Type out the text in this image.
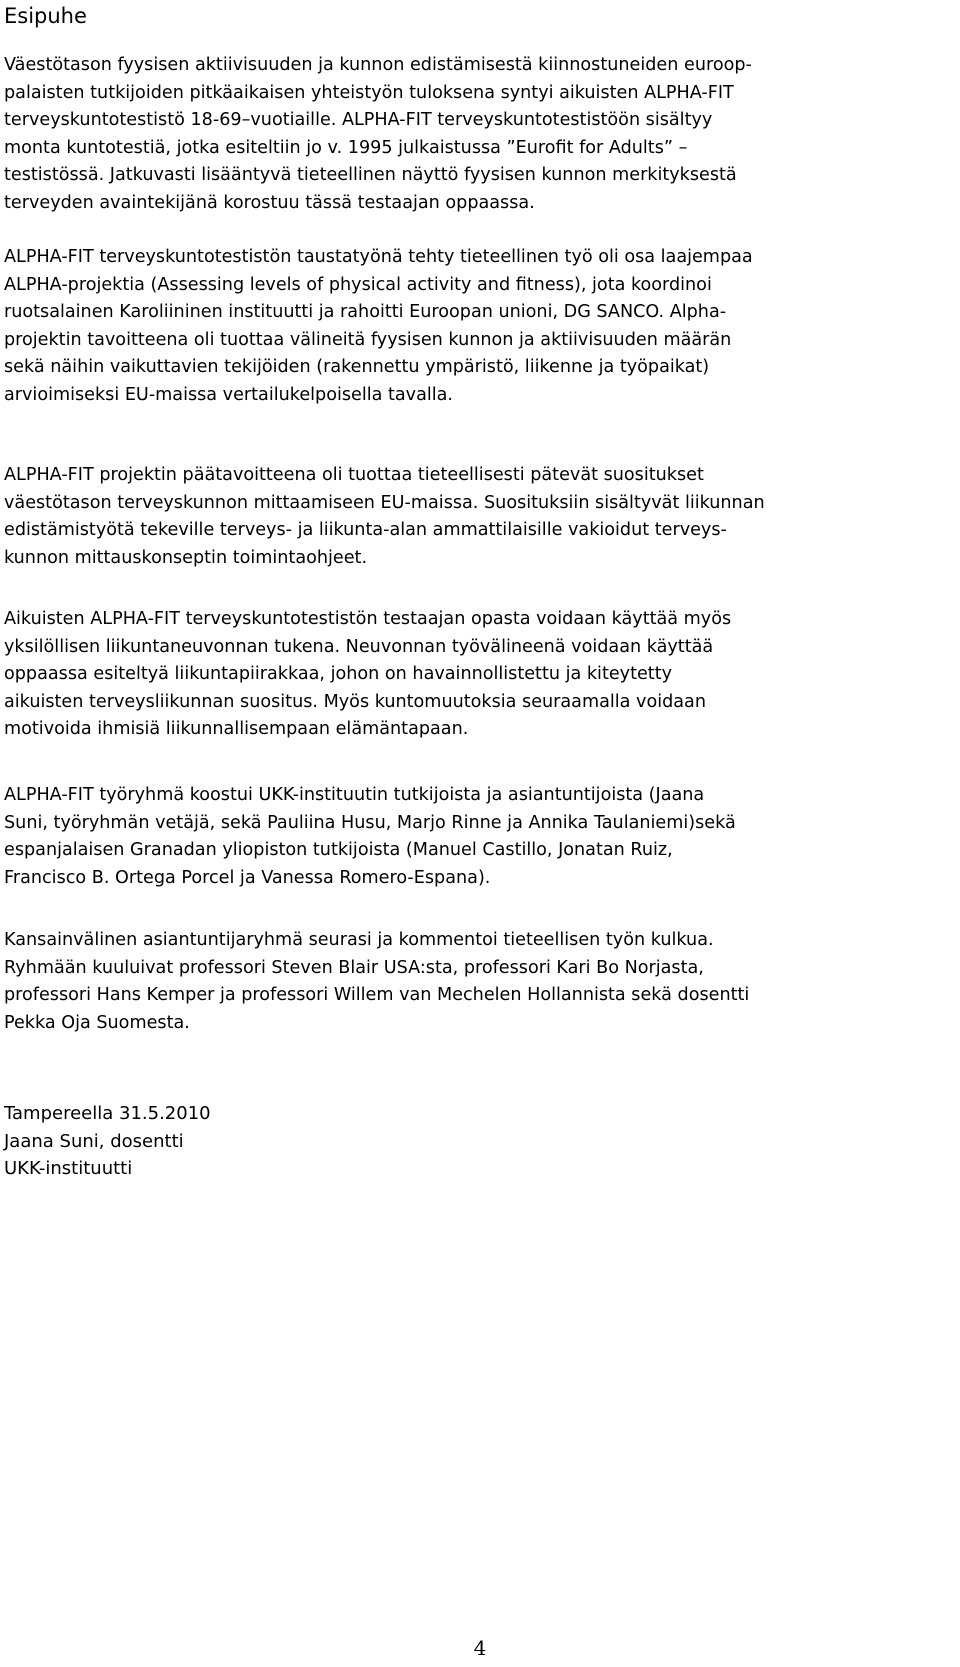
Esipuhe

Väestötason fyysisen aktiivisuuden ja kunnon edistämisestä kiinnostuneiden euroop-
palaisten tutkijoiden pitkäaikaisen yhteistyön tuloksena syntyi aikuisten ALPHA-FIT
terveyskuntotestistö 18-69–vuotiaille. ALPHA-FIT terveyskuntotestistöön sisältyy
monta kuntotestiä, jotka esiteltiin jo v. 1995 julkaistussa ”Eurofit for Adults” –
testistössä. Jatkuvasti lisääntyvä tieteellinen näyttö fyysisen kunnon merkityksestä
terveyden avaintekijänä korostuu tässä testaajan oppaassa.

ALPHA-FIT terveyskuntotestistön taustatyönä tehty tieteellinen työ oli osa laajempaa
ALPHA-projektia (Assessing levels of physical activity and fitness), jota koordinoi
ruotsalainen Karoliininen instituutti ja rahoitti Euroopan unioni, DG SANCO. Alpha-
projektin tavoitteena oli tuottaa välineitä fyysisen kunnon ja aktiivisuuden määrän
sekä näihin vaikuttavien tekijöiden (rakennettu ympäristö, liikenne ja työpaikat)
arvioimiseksi EU-maissa vertailukelpoisella tavalla.

ALPHA-FIT projektin päätavoitteena oli tuottaa tieteellisesti pätevät suositukset
väestötason terveyskunnon mittaamiseen EU-maissa. Suosituksiin sisältyvät liikunnan
edistämistyötä tekeville terveys- ja liikunta-alan ammattilaisille vakioidut terveys-
kunnon mittauskonseptin toimintaohjeet.

Aikuisten ALPHA-FIT terveyskuntotestistön testaajan opasta voidaan käyttää myös
yksilöllisen liikuntaneuvonnan tukena. Neuvonnan työvälineenä voidaan käyttää
oppaassa esiteltyä liikuntapiirakkaa, johon on havainnollistettu ja kiteytetty
aikuisten terveysliikunnan suositus. Myös kuntomuutoksia seuraamalla voidaan
motivoida ihmisiä liikunnallisempaan elämäntapaan.

ALPHA-FIT työryhmä koostui UKK-instituutin tutkijoista ja asiantuntijoista (Jaana
Suni, työryhmän vetäjä, sekä Pauliina Husu, Marjo Rinne ja Annika Taulaniemi)sekä
espanjalaisen Granadan yliopiston tutkijoista (Manuel Castillo, Jonatan Ruiz,
Francisco B. Ortega Porcel ja Vanessa Romero-Espana).

Kansainvälinen asiantuntijaryhmä seurasi ja kommentoi tieteellisen työn kulkua.
Ryhmään kuuluivat professori Steven Blair USA:sta, professori Kari Bo Norjasta,
professori Hans Kemper ja professori Willem van Mechelen Hollannista sekä dosentti
Pekka Oja Suomesta.

Tampereella 31.5.2010
Jaana Suni, dosentti
UKK-instituutti
4
